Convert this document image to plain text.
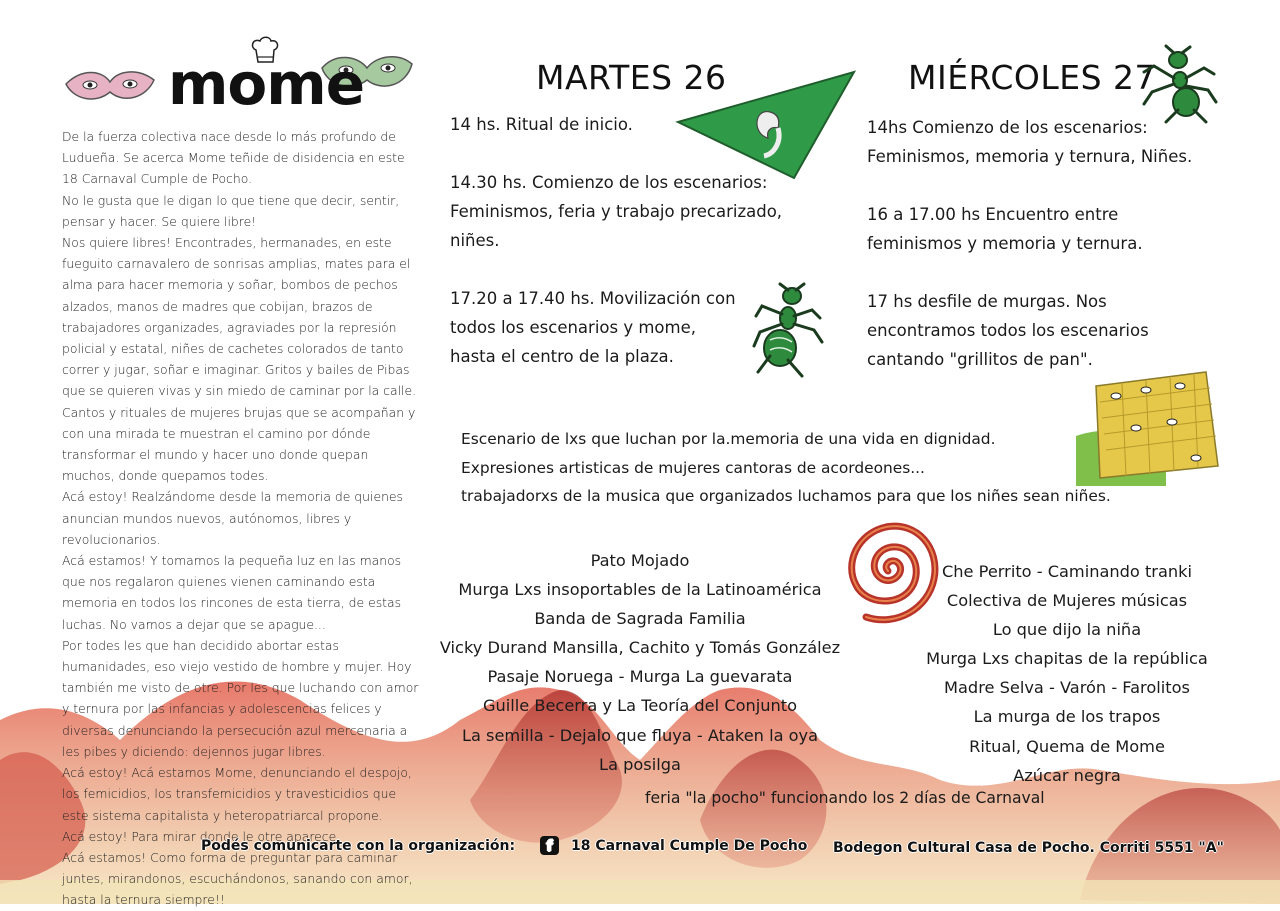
mome

De la fuerza colectiva nace desde lo más profundo de Ludueña. Se acerca Mome teñide de disidencia en este 18 Carnaval Cumple de Pocho.

No le gusta que le digan lo que tiene que decir, sentir, pensar y hacer. Se quiere libre!

Nos quiere libres! Encontrades, hermanades, en este fueguito carnavalero de sonrisas amplias, mates para el alma para hacer memoria y soñar, bombos de pechos alzados, manos de madres que cobijan, brazos de trabajadores organizades, agraviades por la represión policial y estatal, niñes de cachetes colorados de tanto correr y jugar, soñar e imaginar. Gritos y bailes de Pibas que se quieren vivas y sin miedo de caminar por la calle. Cantos y rituales de mujeres brujas que se acompañan y con una mirada te muestran el camino por dónde transformar el mundo y hacer uno donde quepan muchos, donde quepamos todes.

Acá estoy! Realzándome desde la memoria de quienes anuncian mundos nuevos, autónomos, libres y revolucionarios.

Acá estamos! Y tomamos la pequeña luz en las manos que nos regalaron quienes vienen caminando esta memoria en todos los rincones de esta tierra, de estas luchas. No vamos a dejar que se apague...

Por todes les que han decidido abortar estas humanidades, eso viejo vestido de hombre y mujer. Hoy también me visto de otre. Por les que luchando con amor y ternura por las infancias y adolescencias felices y diversas denunciando la persecución azul mercenaria a les pibes y diciendo: dejennos jugar libres.

Acá estoy! Acá estamos Mome, denunciando el despojo, los femicidios, los transfemicidios y travesticidios que este sistema capitalista y heteropatriarcal propone.

Acá estoy! Para mirar donde le otre aparece.

Acá estamos! Como forma de preguntar para caminar juntes, mirandonos, escuchándonos, sanando con amor, hasta la ternura siempre!!

MARTES 26

14 hs. Ritual de inicio.

14.30 hs. Comienzo de los escenarios: Feminismos, feria y trabajo precarizado, niñes.

17.20 a 17.40 hs. Movilización con todos los escenarios y mome, hasta el centro de la plaza.

MIÉRCOLES 27

14hs Comienzo de los escenarios: Feminismos, memoria y ternura, Niñes.

16 a 17.00 hs Encuentro entre feminismos y memoria y ternura.

17 hs desfile de murgas. Nos encontramos todos los escenarios cantando "grillitos de pan".

Escenario de lxs que luchan por la.memoria de una vida en dignidad.

Expresiones artisticas de mujeres cantoras de acordeones...

trabajadorxs de la musica que organizados luchamos para que los niñes sean niñes.

Pato Mojado

Murga Lxs insoportables de la Latinoamérica

Banda de Sagrada Familia

Vicky Durand Mansilla, Cachito y Tomás González

Pasaje Noruega - Murga La guevarata

Guille Becerra y La Teoría del Conjunto

La semilla - Dejalo que fluya - Ataken la oya

La posilga

Che Perrito - Caminando tranki

Colectiva de Mujeres músicas

Lo que dijo la niña

Murga Lxs chapitas de la república

Madre Selva - Varón - Farolitos

La murga de los trapos

Ritual, Quema de Mome

Azúcar negra

feria "la pocho" funcionando los 2 días de Carnaval
Podés comunicarte con la organización:	f	18 Carnaval Cumple De Pocho Bodegon Cultural Casa de Pocho. Corriti 5551 "A"
